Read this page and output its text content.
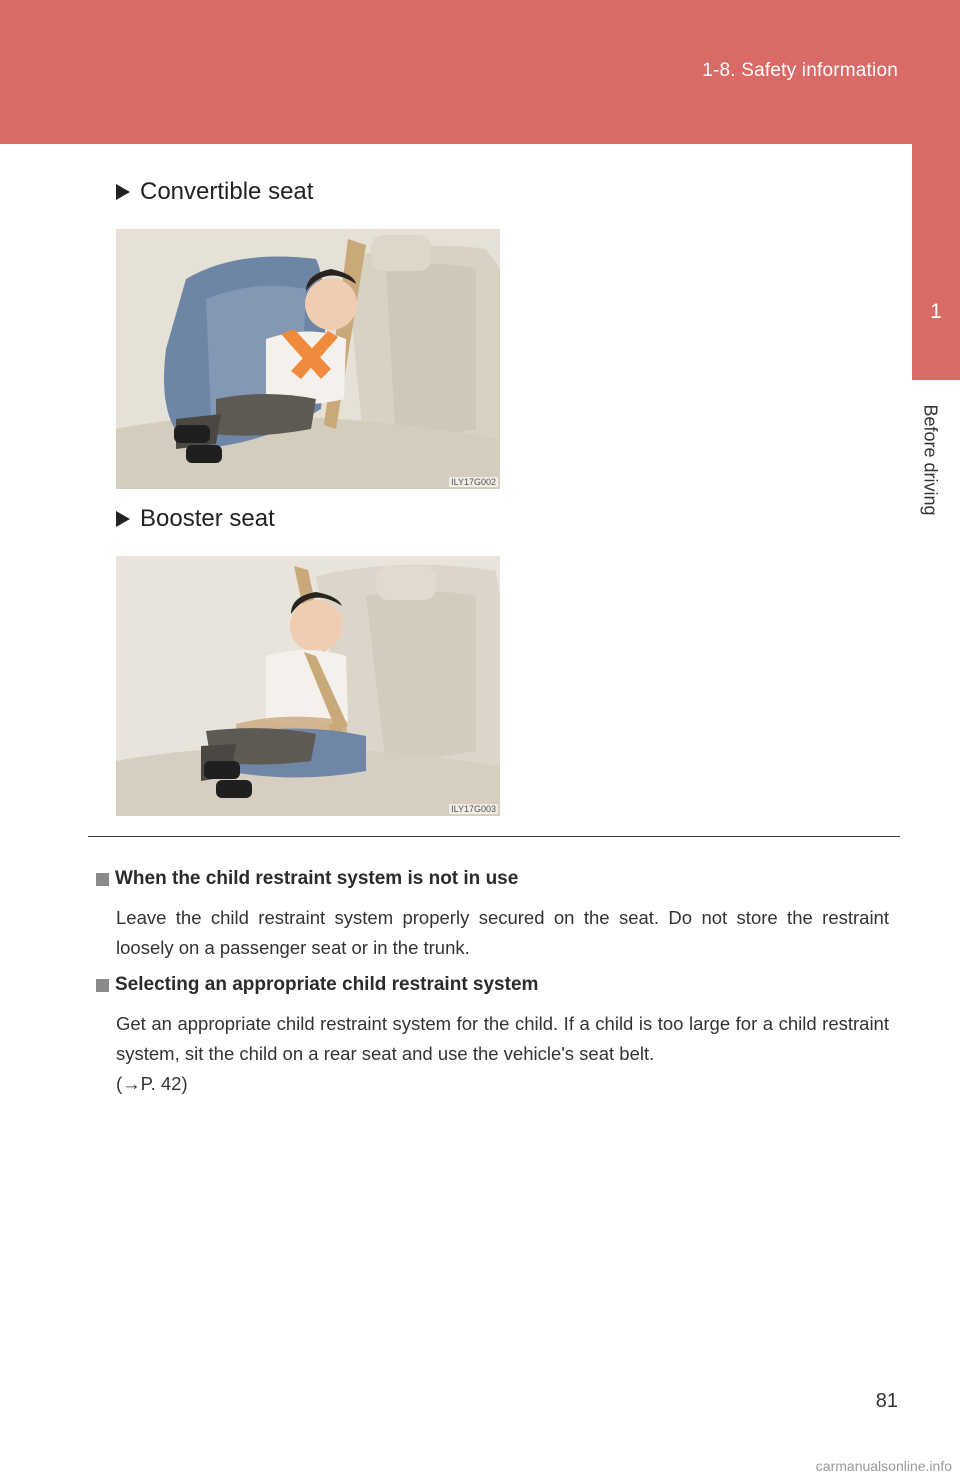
1-8. Safety information
1
Before driving
Convertible seat
ILY17G002
Booster seat
ILY17G003
When the child restraint system is not in use
Leave the child restraint system properly secured on the seat. Do not store the restraint loosely on a passenger seat or in the trunk.
Selecting an appropriate child restraint system
Get an appropriate child restraint system for the child. If a child is too large for a child restraint system, sit the child on a rear seat and use the vehicle's seat belt.
(→P. 42)
81
carmanualsonline.info
